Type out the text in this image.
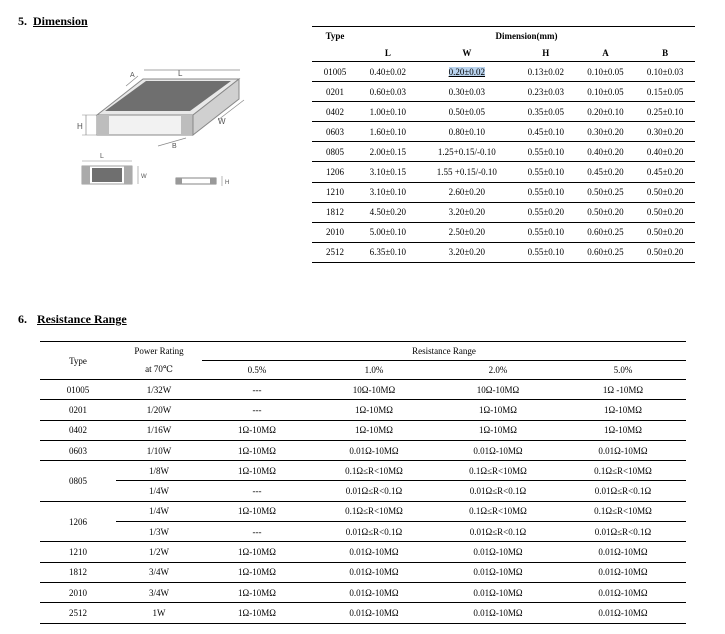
5. Dimension
L
A
W
H
B
L
W
H
Type	Dimension(mm)				
	L	W	H	A	B
01005	0.40±0.02	0.20±0.02	0.13±0.02	0.10±0.05	0.10±0.03
0201	0.60±0.03	0.30±0.03	0.23±0.03	0.10±0.05	0.15±0.05
0402	1.00±0.10	0.50±0.05	0.35±0.05	0.20±0.10	0.25±0.10
0603	1.60±0.10	0.80±0.10	0.45±0.10	0.30±0.20	0.30±0.20
0805	2.00±0.15	1.25+0.15/-0.10	0.55±0.10	0.40±0.20	0.40±0.20
1206	3.10±0.15	1.55 +0.15/-0.10	0.55±0.10	0.45±0.20	0.45±0.20
1210	3.10±0.10	2.60±0.20	0.55±0.10	0.50±0.25	0.50±0.20
1812	4.50±0.20	3.20±0.20	0.55±0.20	0.50±0.20	0.50±0.20
2010	5.00±0.10	2.50±0.20	0.55±0.10	0.60±0.25	0.50±0.20
2512	6.35±0.10	3.20±0.20	0.55±0.10	0.60±0.25	0.50±0.20
6. Resistance Range
Type	Power Rating	Resistance Range			
	at 70℃	0.5%	1.0%	2.0%	5.0%
01005	1/32W	---	10Ω-10MΩ	10Ω-10MΩ	1Ω -10MΩ
0201	1/20W	---	1Ω-10MΩ	1Ω-10MΩ	1Ω-10MΩ
0402	1/16W	1Ω-10MΩ	1Ω-10MΩ	1Ω-10MΩ	1Ω-10MΩ
0603	1/10W	1Ω-10MΩ	0.01Ω-10MΩ	0.01Ω-10MΩ	0.01Ω-10MΩ
0805	1/8W	1Ω-10MΩ	0.1Ω≤R<10MΩ	0.1Ω≤R<10MΩ	0.1Ω≤R<10MΩ
	1/4W	---	0.01Ω≤R<0.1Ω	0.01Ω≤R<0.1Ω	0.01Ω≤R<0.1Ω
1206	1/4W	1Ω-10MΩ	0.1Ω≤R<10MΩ	0.1Ω≤R<10MΩ	0.1Ω≤R<10MΩ
	1/3W	---	0.01Ω≤R<0.1Ω	0.01Ω≤R<0.1Ω	0.01Ω≤R<0.1Ω
1210	1/2W	1Ω-10MΩ	0.01Ω-10MΩ	0.01Ω-10MΩ	0.01Ω-10MΩ
1812	3/4W	1Ω-10MΩ	0.01Ω-10MΩ	0.01Ω-10MΩ	0.01Ω-10MΩ
2010	3/4W	1Ω-10MΩ	0.01Ω-10MΩ	0.01Ω-10MΩ	0.01Ω-10MΩ
2512	1W	1Ω-10MΩ	0.01Ω-10MΩ	0.01Ω-10MΩ	0.01Ω-10MΩ
